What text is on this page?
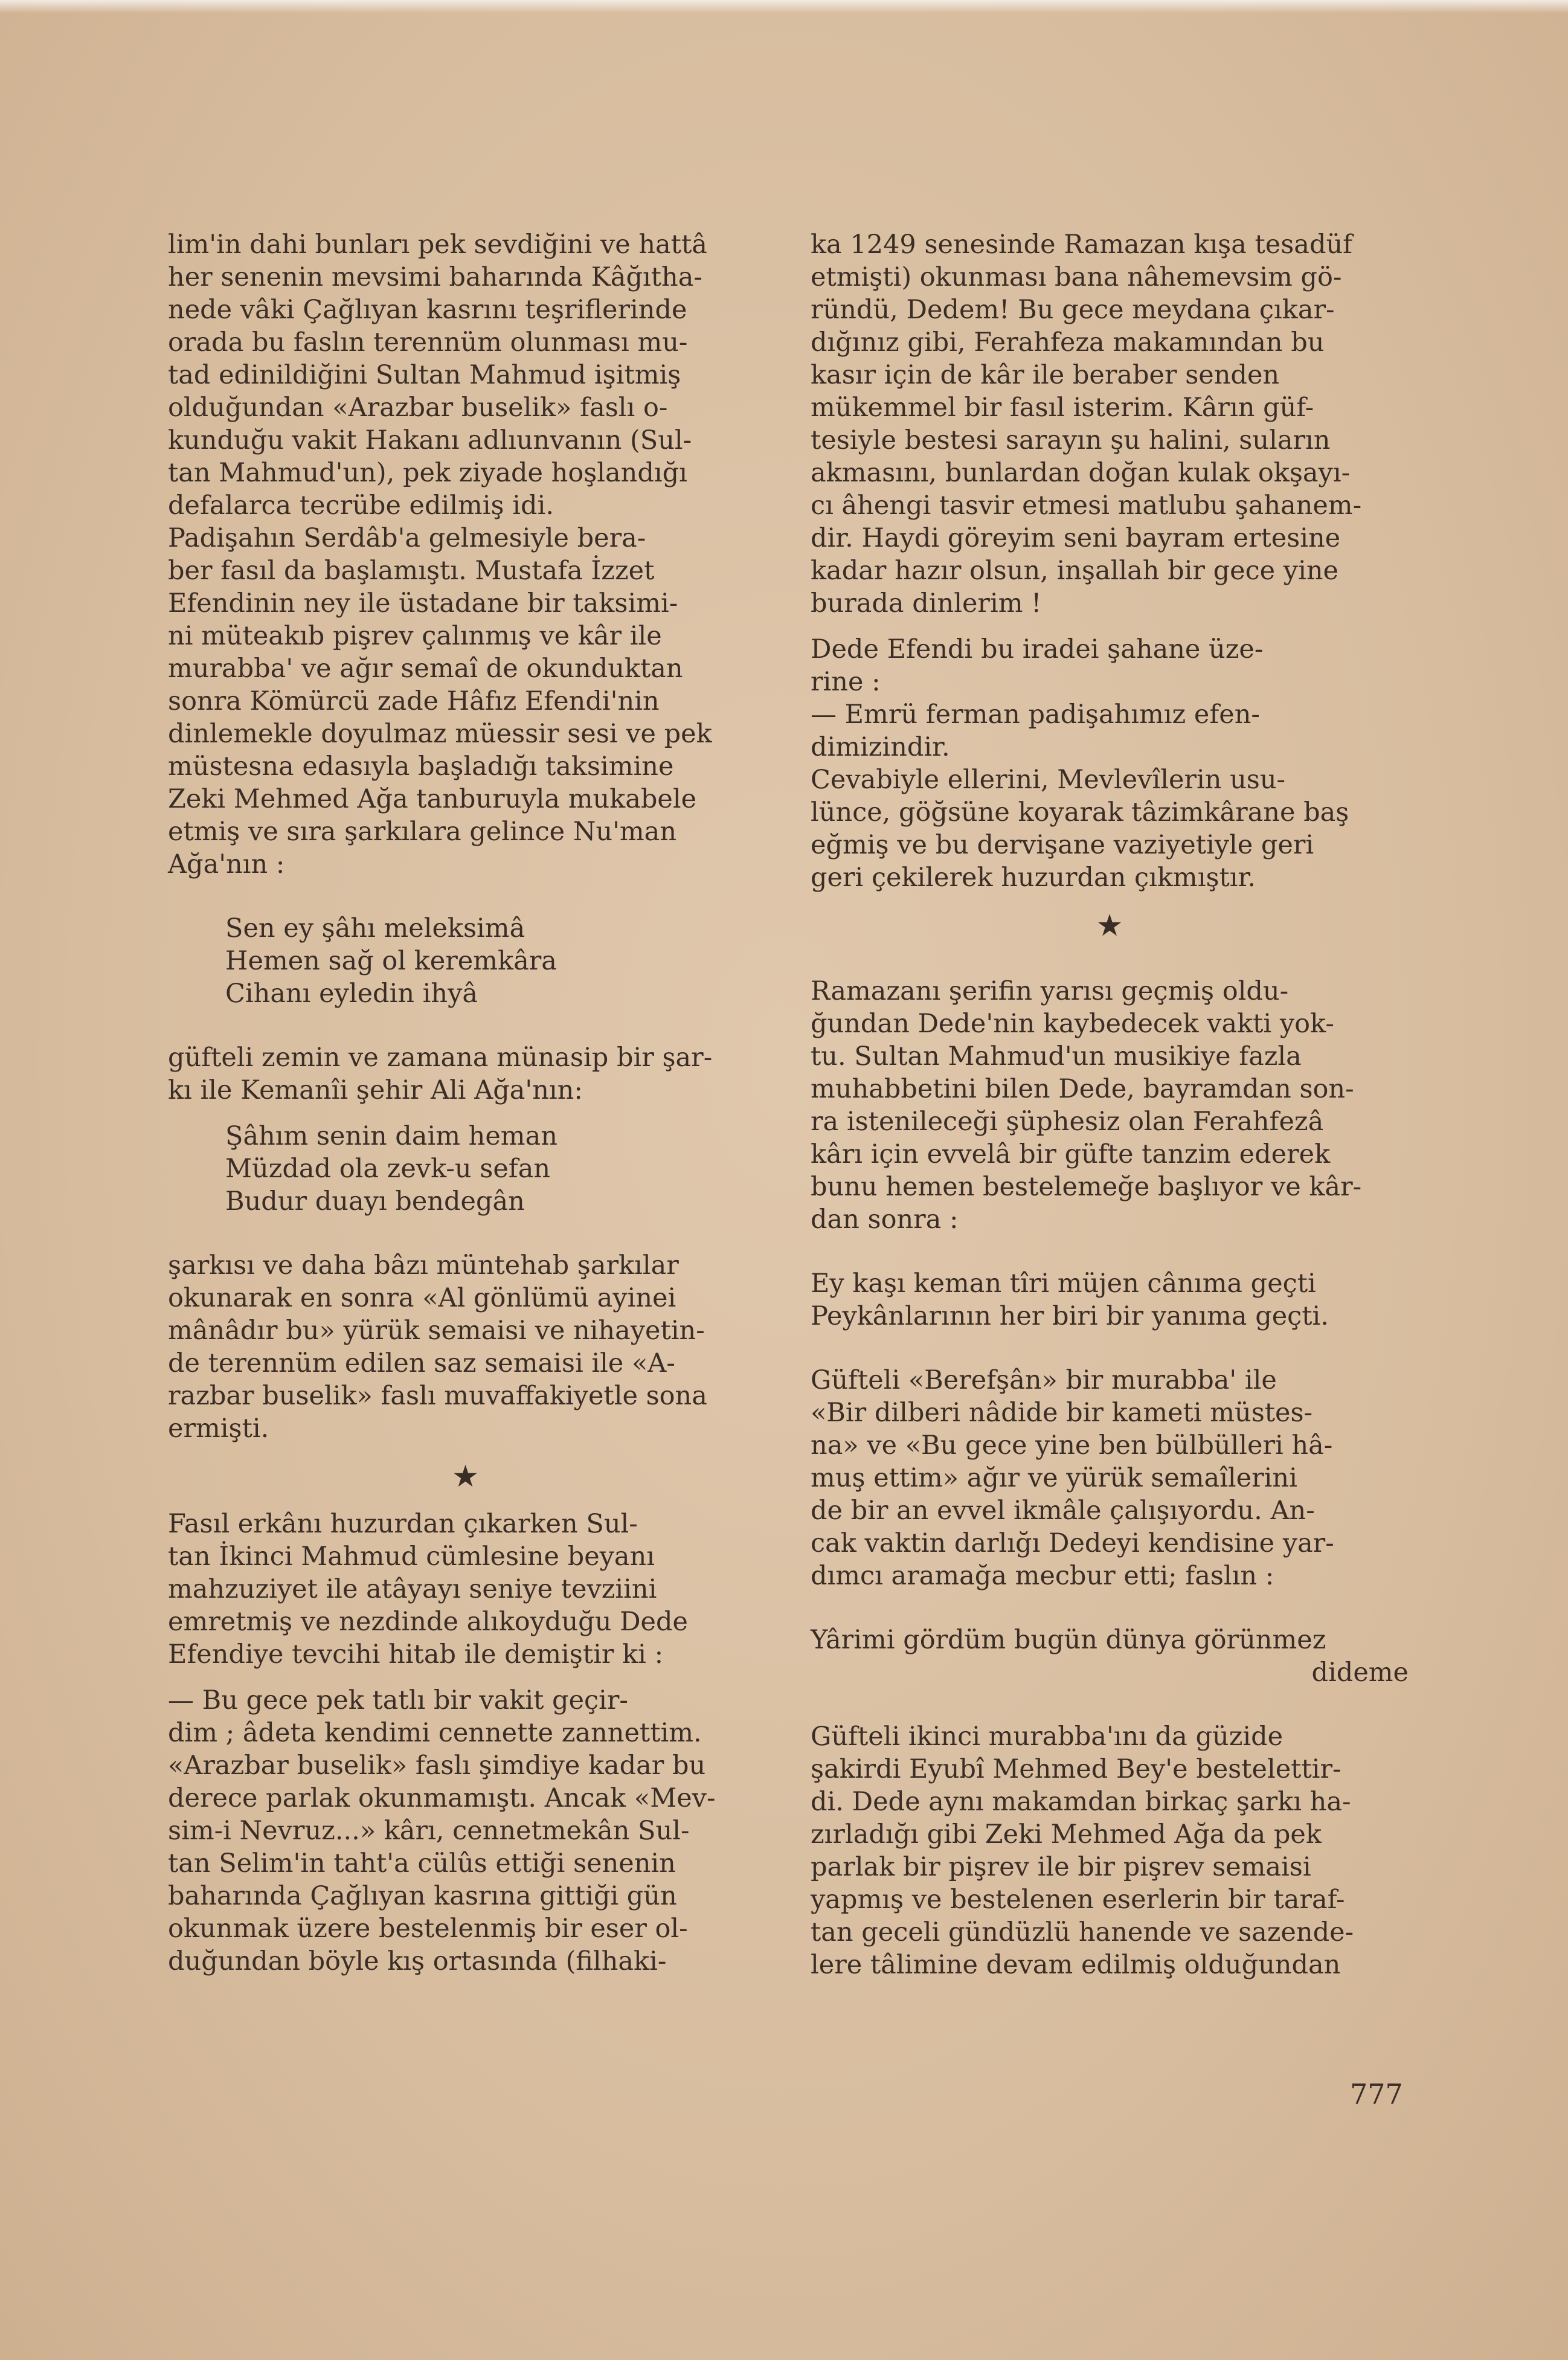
lim'in dahi bunları pek sevdiğini ve hattâ
her senenin mevsimi baharında Kâğıtha-
nede vâki Çağlıyan kasrını teşriflerinde
orada bu faslın terennüm olunması mu-
tad edinildiğini Sultan Mahmud işitmiş
olduğundan «Arazbar buselik» faslı o-
kunduğu vakit Hakanı adlıunvanın (Sul-
tan Mahmud'un), pek ziyade hoşlandığı
defalarca tecrübe edilmiş idi.

Padişahın Serdâb'a gelmesiyle bera-
ber fasıl da başlamıştı. Mustafa İzzet
Efendinin ney ile üstadane bir taksimi-
ni müteakıb pişrev çalınmış ve kâr ile
murabba' ve ağır semaî de okunduktan
sonra Kömürcü zade Hâfız Efendi'nin
dinlemekle doyulmaz müessir sesi ve pek
müstesna edasıyla başladığı taksimine
Zeki Mehmed Ağa tanburuyla mukabele
etmiş ve sıra şarkılara gelince Nu'man
Ağa'nın :

Sen ey şâhı meleksimâ
Hemen sağ ol keremkâra
Cihanı eyledin ihyâ

güfteli zemin ve zamana münasip bir şar-
kı ile Kemanîi şehir Ali Ağa'nın:

Şâhım senin daim heman
Müzdad ola zevk-u sefan
Budur duayı bendegân

şarkısı ve daha bâzı müntehab şarkılar
okunarak en sonra «Al gönlümü ayinei
mânâdır bu» yürük semaisi ve nihayetin-
de terennüm edilen saz semaisi ile «A-
razbar buselik» faslı muvaffakiyetle sona
ermişti.

★

Fasıl erkânı huzurdan çıkarken Sul-
tan İkinci Mahmud cümlesine beyanı
mahzuziyet ile atâyayı seniye tevziini
emretmiş ve nezdinde alıkoyduğu Dede
Efendiye tevcihi hitab ile demiştir ki :

— Bu gece pek tatlı bir vakit geçir-
dim ; âdeta kendimi cennette zannettim.
«Arazbar buselik» faslı şimdiye kadar bu
derece parlak okunmamıştı. Ancak «Mev-
sim-i Nevruz...» kârı, cennetmekân Sul-
tan Selim'in taht'a cülûs ettiği senenin
baharında Çağlıyan kasrına gittiği gün
okunmak üzere bestelenmiş bir eser ol-
duğundan böyle kış ortasında (filhaki-

ka 1249 senesinde Ramazan kışa tesadüf
etmişti) okunması bana nâhemevsim gö-
ründü, Dedem! Bu gece meydana çıkar-
dığınız gibi, Ferahfeza makamından bu
kasır için de kâr ile beraber senden
mükemmel bir fasıl isterim. Kârın güf-
tesiyle bestesi sarayın şu halini, suların
akmasını, bunlardan doğan kulak okşayı-
cı âhengi tasvir etmesi matlubu şahanem-
dir. Haydi göreyim seni bayram ertesine
kadar hazır olsun, inşallah bir gece yine
burada dinlerim !

Dede Efendi bu iradei şahane üze-
rine :

— Emrü ferman padişahımız efen-
dimizindir.

Cevabiyle ellerini, Mevlevîlerin usu-
lünce, göğsüne koyarak tâzimkârane baş
eğmiş ve bu dervişane vaziyetiyle geri
geri çekilerek huzurdan çıkmıştır.

★

Ramazanı şerifin yarısı geçmiş oldu-
ğundan Dede'nin kaybedecek vakti yok-
tu. Sultan Mahmud'un musikiye fazla
muhabbetini bilen Dede, bayramdan son-
ra istenileceği şüphesiz olan Ferahfezâ
kârı için evvelâ bir güfte tanzim ederek
bunu hemen bestelemeğe başlıyor ve kâr-
dan sonra :

Ey kaşı keman tîri müjen cânıma geçti
Peykânlarının her biri bir yanıma geçti.

Güfteli «Berefşân» bir murabba' ile
«Bir dilberi nâdide bir kameti müstes-
na» ve «Bu gece yine ben bülbülleri hâ-
muş ettim» ağır ve yürük semaîlerini
de bir an evvel ikmâle çalışıyordu. An-
cak vaktin darlığı Dedeyi kendisine yar-
dımcı aramağa mecbur etti; faslın :

Yârimi gördüm bugün dünya görünmez

dideme

Güfteli ikinci murabba'ını da güzide
şakirdi Eyubî Mehmed Bey'e bestelettir-
di. Dede aynı makamdan birkaç şarkı ha-
zırladığı gibi Zeki Mehmed Ağa da pek
parlak bir pişrev ile bir pişrev semaisi
yapmış ve bestelenen eserlerin bir taraf-
tan geceli gündüzlü hanende ve sazende-
lere tâlimine devam edilmiş olduğundan

777
